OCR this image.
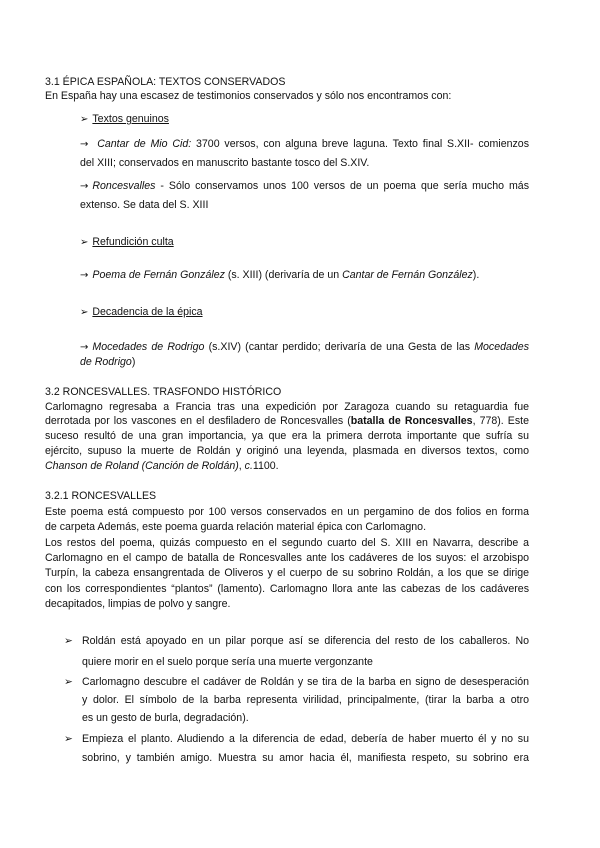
3.1 ÉPICA ESPAÑOLA: TEXTOS CONSERVADOS
En España hay una escasez de testimonios conservados y sólo nos encontramos con:
➢ Textos genuinos
→ Cantar de Mio Cid: 3700 versos, con alguna breve laguna. Texto final S.XII- comienzos
del XIII; conservados en manuscrito bastante tosco del S.XIV.
→ Roncesvalles - Sólo conservamos unos 100 versos de un poema que sería mucho más
extenso. Se data del S. XIII
➢ Refundición culta
→ Poema de Fernán González (s. XIII) (derivaría de un Cantar de Fernán González).
➢ Decadencia de la épica
→ Mocedades de Rodrigo (s.XIV) (cantar perdido; derivaría de una Gesta de las Mocedades
de Rodrigo)
3.2 RONCESVALLES. TRASFONDO HISTÓRICO
Carlomagno regresaba a Francia tras una expedición por Zaragoza cuando su retaguardia fue
derrotada por los vascones en el desfiladero de Roncesvalles (batalla de Roncesvalles, 778). Este
suceso resultó de una gran importancia, ya que era la primera derrota importante que sufría su
ejército, supuso la muerte de Roldán y originó una leyenda, plasmada en diversos textos, como
Chanson de Roland (Canción de Roldán), c.1100.
3.2.1 RONCESVALLES
Este poema está compuesto por 100 versos conservados en un pergamino de dos folios en forma
de carpeta Además, este poema guarda relación material épica con Carlomagno.
Los restos del poema, quizás compuesto en el segundo cuarto del S. XIII en Navarra, describe a
Carlomagno en el campo de batalla de Roncesvalles ante los cadáveres de los suyos: el arzobispo
Turpín, la cabeza ensangrentada de Oliveros y el cuerpo de su sobrino Roldán, a los que se dirige
con los correspondientes “plantos” (lamento). Carlomagno llora ante las cabezas de los cadáveres
decapitados, limpias de polvo y sangre.
➢ Roldán está apoyado en un pilar porque así se diferencia del resto de los caballeros. No
quiere morir en el suelo porque sería una muerte vergonzante
➢ Carlomagno descubre el cadáver de Roldán y se tira de la barba en signo de desesperación
y dolor. El símbolo de la barba representa virilidad, principalmente, (tirar la barba a otro
es un gesto de burla, degradación).
➢ Empieza el planto. Aludiendo a la diferencia de edad, debería de haber muerto él y no su
sobrino, y también amigo. Muestra su amor hacia él, manifiesta respeto, su sobrino era
